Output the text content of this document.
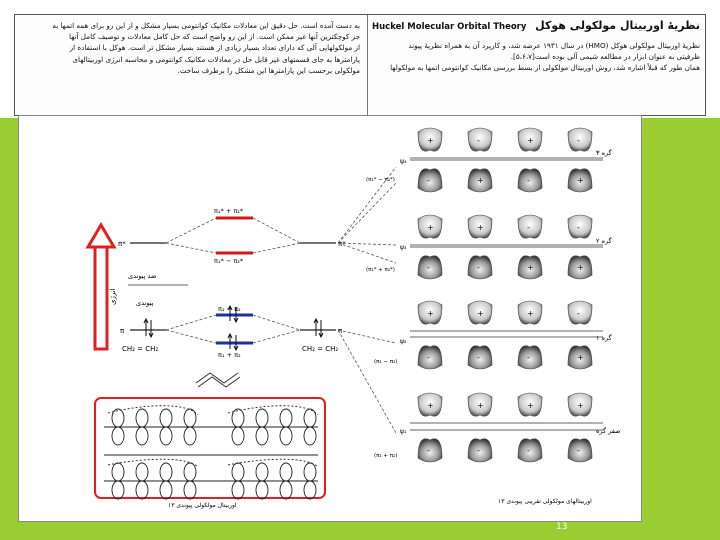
نظریهٔ اوربیتال مولکولی هوکل
Huckel Molecular Orbital Theory
نظریهٔ اوربیتال مولکولی هوکل (HMO) در سال ۱۹۳۱ عرضه شد، و کارپرد آن به همراه نظریهٔ پیوند
ظرفیتی به عنوان ابزار در مطالعه شیمی آلی بوده است[۵،۶،۷].
همان طور که قبلاً اشاره شد، روش اوربیتال مولکولی از بسط بررسی مکانیک کوانتومی اتمها به مولکولها
به دست آمده است. حل دقیق این معادلات مکانیک کوانتومی بسیار مشکل و از این رو برای همه اتمها به
جز کوچکترین آنها غیر ممکن است. از این رو واضح است که حل کامل معادلات و توصیف کامل آنها
از مولکولهایی آلی که دارای تعداد بسیار زیادی از هستند بسیار مشکل تر است. هوکل با استفاده از
پارامترها به جای قسمتهای غیر قابل حل در معادلات مکانیک کوانتومی و محاسبه انرژی اوربیتالهای
مولکولی برحسب این پارامترها این مشکل را برطرف ساخت.
انرژی
π*
π
CH₂ = CH₂
ضد پیوندی
پیوندی
π₁* + π₂*
π₁* − π₂*
π₁ − π₂
π₁ + π₂
π*
π
CH₂ = CH₂
اوربیتال مولکولی پیوندی ۱۳
+	-	+	-
-	+	-	+
+	+	-	-
-	-	+	+
+	+	+	-
-	-	-	+
+	+	+	+
-	-	-	-
۳ گره
۲ گره
۱ گره
صفر گره
ψ₄
ψ₃
ψ₂
ψ₁
(π₁* − π₂*)
(π₁* + π₂*)
(π₁ − π₂)
(π₁ + π₂)
اوربیتالهای مولکولی تقریبی پیوندی ۱۳
13
